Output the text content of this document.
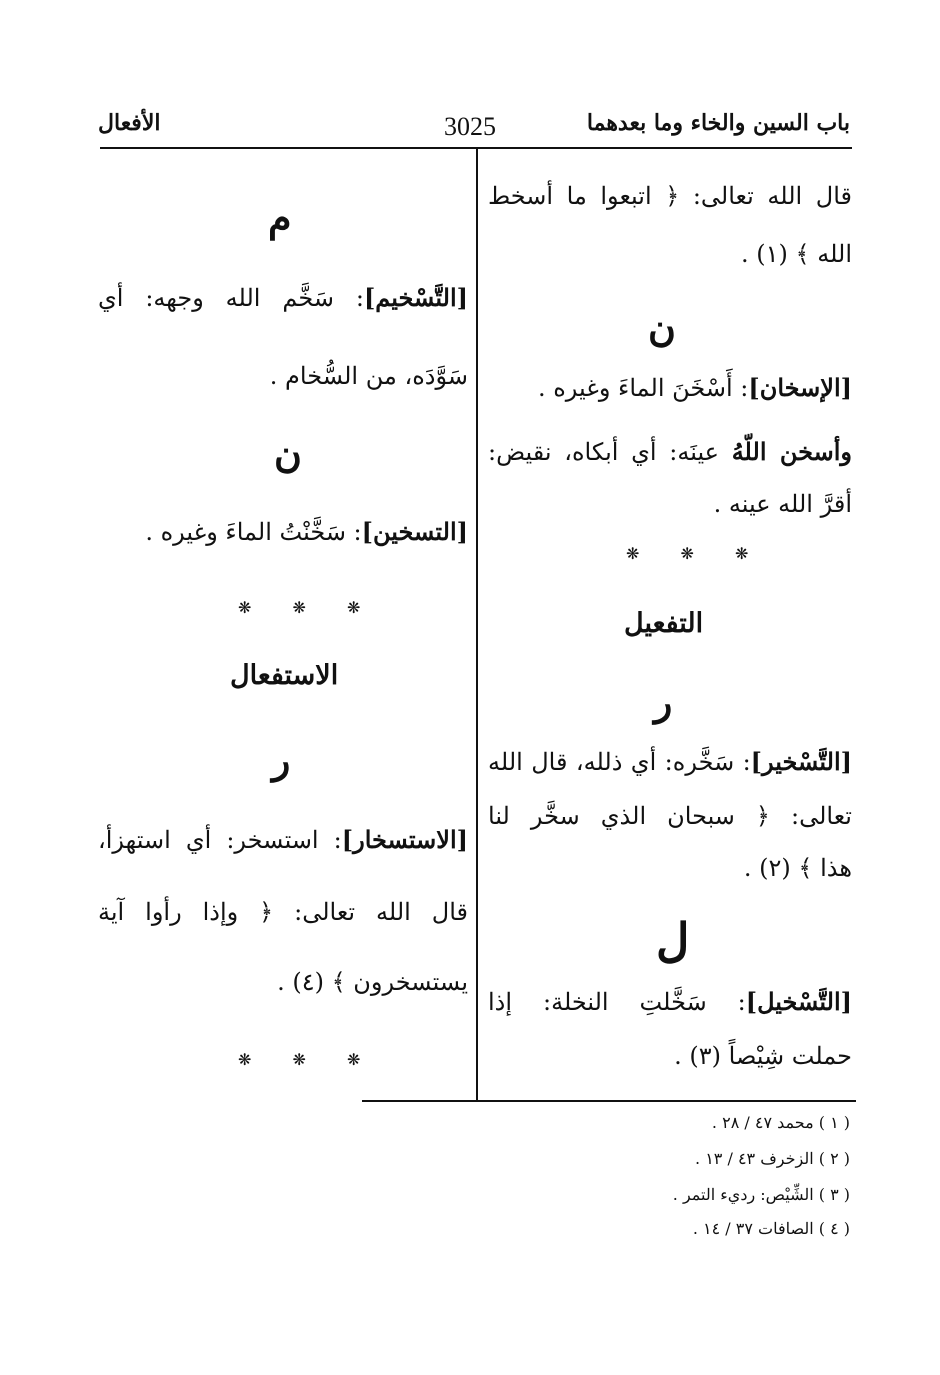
باب السين والخاء وما بعدهما
3025
الأفعال
قال الله تعالى: ﴿ اتبعوا ما أسخط
الله ﴾ (١) .
ن
[الإسخان]: أَسْخَنَ الماءَ وغيره .
وأسخن اللّهُ عينَه: أي أبكاه، نقيض:
أقرَّ الله عينه .
❋ ❋ ❋
التفعيل
ر
[التَّسْخير]: سَخَّره: أي ذلله، قال الله
تعالى: ﴿ سبحان الذي سخَّر لنا
هذا ﴾ (٢) .
ل
[التَّسْخيل]: سَخَّلتِ النخلة: إذا
حملت شِيْصاً (٣) .
م
[التَّسْخيم]: سَخَّم الله وجهه: أي
سَوَّدَه، من السُّخام .
ن
[التسخين]: سَخَّنْتُ الماءَ وغيره .
❋ ❋ ❋
الاستفعال
ر
[الاستسخار]: استسخر: أي استهزأ،
قال الله تعالى: ﴿ وإذا رأوا آية
يستسخرون ﴾ (٤) .
❋ ❋ ❋
( ١ ) محمد ٤٧ / ٢٨ .
( ٢ ) الزخرف ٤٣ / ١٣ .
( ٣ ) الشِّيْص: رديء التمر .
( ٤ ) الصافات ٣٧ / ١٤ .
